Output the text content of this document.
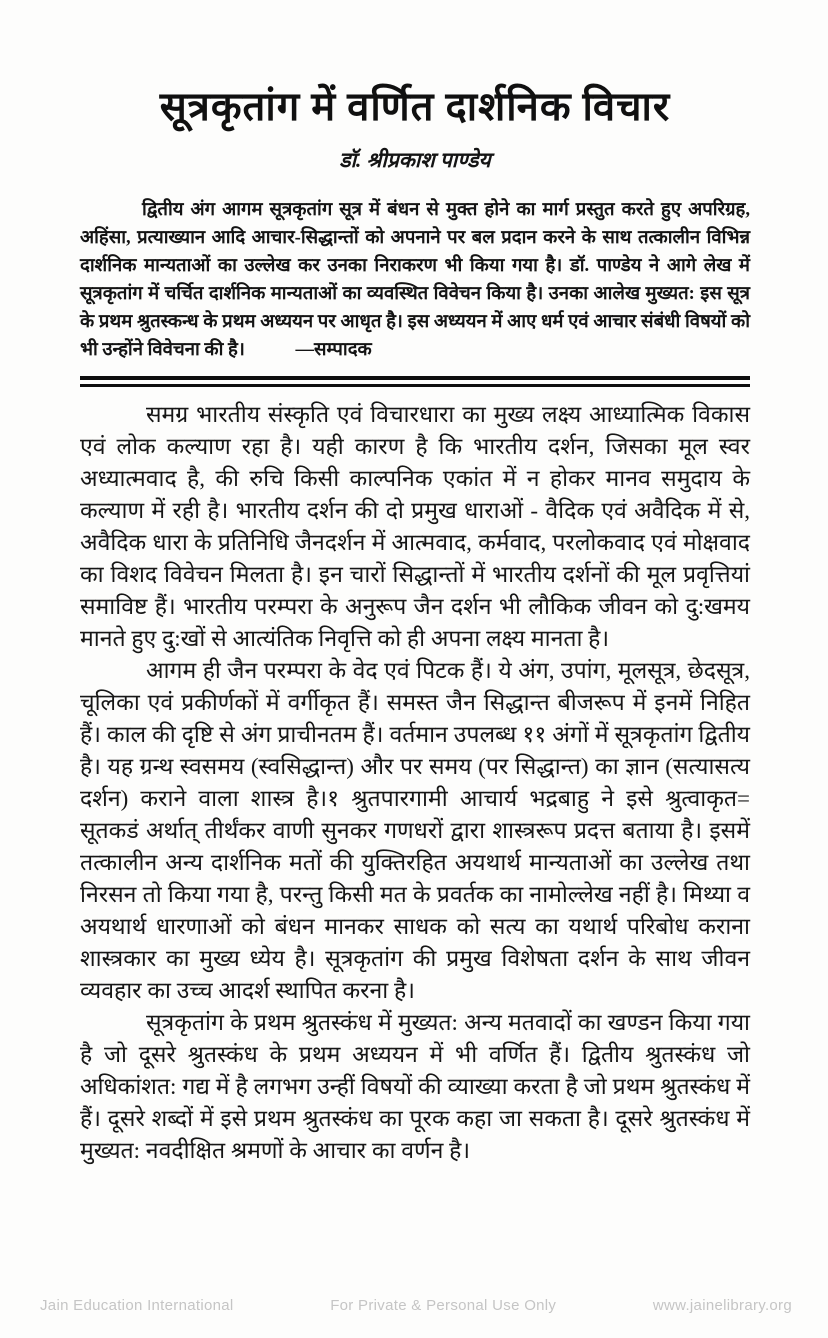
सूत्रकृतांग में वर्णित दार्शनिक विचार
डॉ. श्रीप्रकाश पाण्डेय
द्वितीय अंग आगम सूत्रकृतांग सूत्र में बंधन से मुक्त होने का मार्ग प्रस्तुत करते हुए अपरिग्रह, अहिंसा, प्रत्याख्यान आदि आचार-सिद्धान्तों को अपनाने पर बल प्रदान करने के साथ तत्कालीन विभिन्न दार्शनिक मान्यताओं का उल्लेख कर उनका निराकरण भी किया गया है। डॉ. पाण्डेय ने आगे लेख में सूत्रकृतांग में चर्चित दार्शनिक मान्यताओं का व्यवस्थित विवेचन किया है। उनका आलेख मुख्यत: इस सूत्र के प्रथम श्रुतस्कन्ध के प्रथम अध्ययन पर आधृत है। इस अध्ययन में आए धर्म एवं आचार संबंधी विषयों को भी उन्होंने विवेचना की है।	—सम्पादक

समग्र भारतीय संस्कृति एवं विचारधारा का मुख्य लक्ष्य आध्यात्मिक विकास एवं लोक कल्याण रहा है। यही कारण है कि भारतीय दर्शन, जिसका मूल स्वर अध्यात्मवाद है, की रुचि किसी काल्पनिक एकांत में न होकर मानव समुदाय के कल्याण में रही है। भारतीय दर्शन की दो प्रमुख धाराओं - वैदिक एवं अवैदिक में से, अवैदिक धारा के प्रतिनिधि जैनदर्शन में आत्मवाद, कर्मवाद, परलोकवाद एवं मोक्षवाद का विशद विवेचन मिलता है। इन चारों सिद्धान्तों में भारतीय दर्शनों की मूल प्रवृत्तियां समाविष्ट हैं। भारतीय परम्परा के अनुरूप जैन दर्शन भी लौकिक जीवन को दु:खमय मानते हुए दु:खों से आत्यंतिक निवृत्ति को ही अपना लक्ष्य मानता है।

आगम ही जैन परम्परा के वेद एवं पिटक हैं। ये अंग, उपांग, मूलसूत्र, छेदसूत्र, चूलिका एवं प्रकीर्णकों में वर्गीकृत हैं। समस्त जैन सिद्धान्त बीजरूप में इनमें निहित हैं। काल की दृष्टि से अंग प्राचीनतम हैं। वर्तमान उपलब्ध ११ अंगों में सूत्रकृतांग द्वितीय है। यह ग्रन्थ स्वसमय (स्वसिद्धान्त) और पर समय (पर सिद्धान्त) का ज्ञान (सत्यासत्य दर्शन) कराने वाला शास्त्र है।१ श्रुतपारगामी आचार्य भद्रबाहु ने इसे श्रुत्वाकृत= सूतकडं अर्थात् तीर्थंकर वाणी सुनकर गणधरों द्वारा शास्त्ररूप प्रदत्त बताया है। इसमें तत्कालीन अन्य दार्शनिक मतों की युक्तिरहित अयथार्थ मान्यताओं का उल्लेख तथा निरसन तो किया गया है, परन्तु किसी मत के प्रवर्तक का नामोल्लेख नहीं है। मिथ्या व अयथार्थ धारणाओं को बंधन मानकर साधक को सत्य का यथार्थ परिबोध कराना शास्त्रकार का मुख्य ध्येय है। सूत्रकृतांग की प्रमुख विशेषता दर्शन के साथ जीवन व्यवहार का उच्च आदर्श स्थापित करना है।

सूत्रकृतांग के प्रथम श्रुतस्कंध में मुख्यत: अन्य मतवादों का खण्डन किया गया है जो दूसरे श्रुतस्कंध के प्रथम अध्ययन में भी वर्णित हैं। द्वितीय श्रुतस्कंध जो अधिकांशत: गद्य में है लगभग उन्हीं विषयों की व्याख्या करता है जो प्रथम श्रुतस्कंध में हैं। दूसरे शब्दों में इसे प्रथम श्रुतस्कंध का पूरक कहा जा सकता है। दूसरे श्रुतस्कंध में मुख्यत: नवदीक्षित श्रमणों के आचार का वर्णन है।

Jain Education International	For Private & Personal Use Only	www.jainelibrary.org
